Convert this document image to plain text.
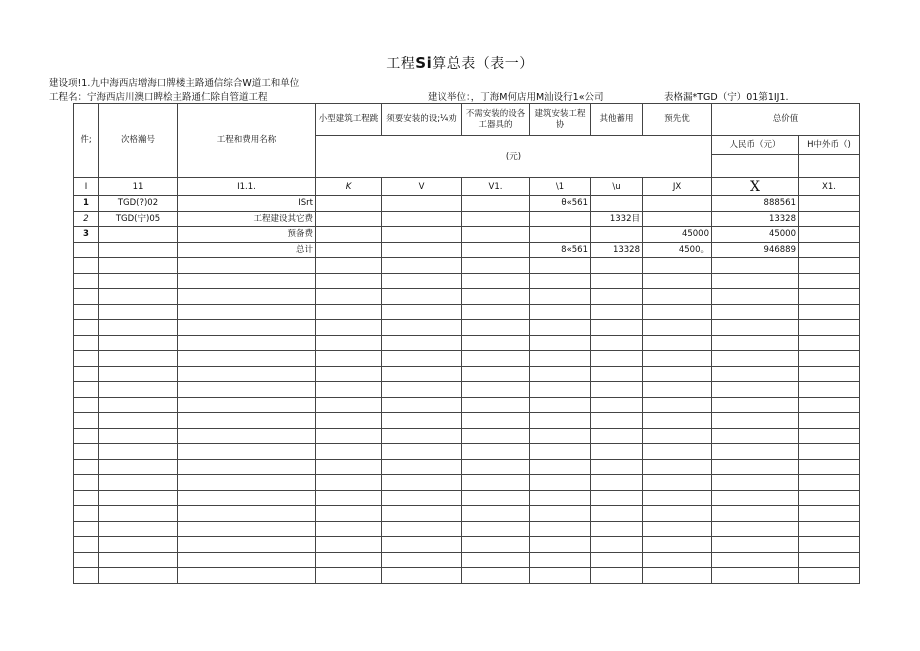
工程Si算总表（表一）
建设项!1.九中海西店增海口牌楼主路通信综合W道工和单位
工程名：宁海西店川澳口睥桧主路通仁除自管道工程	建议举位：，丁海M何店用M汕设行1«公司	表格漏*TGD（宁）01第1IJ1.
件;	次格瀚号	工程和费用名称	小型建筑工程跳	须要安装的设;¼劝	不需安装的设各工器具的	建筑安装工程协	其他蓄用	预先优	总价值	
			(元)						人民币（元）	H中外币（)

I	11	I1.1.	K	V	V1.	\1	\u	JX	X	X1.
1	TGD(?)02	ISrt				θ«561			888561	
2	TGD(宁)05	工程建设其它费					1332目		13328	
3		预备费						45000	45000	
		总计				8«561	13328	4500。	946889	
